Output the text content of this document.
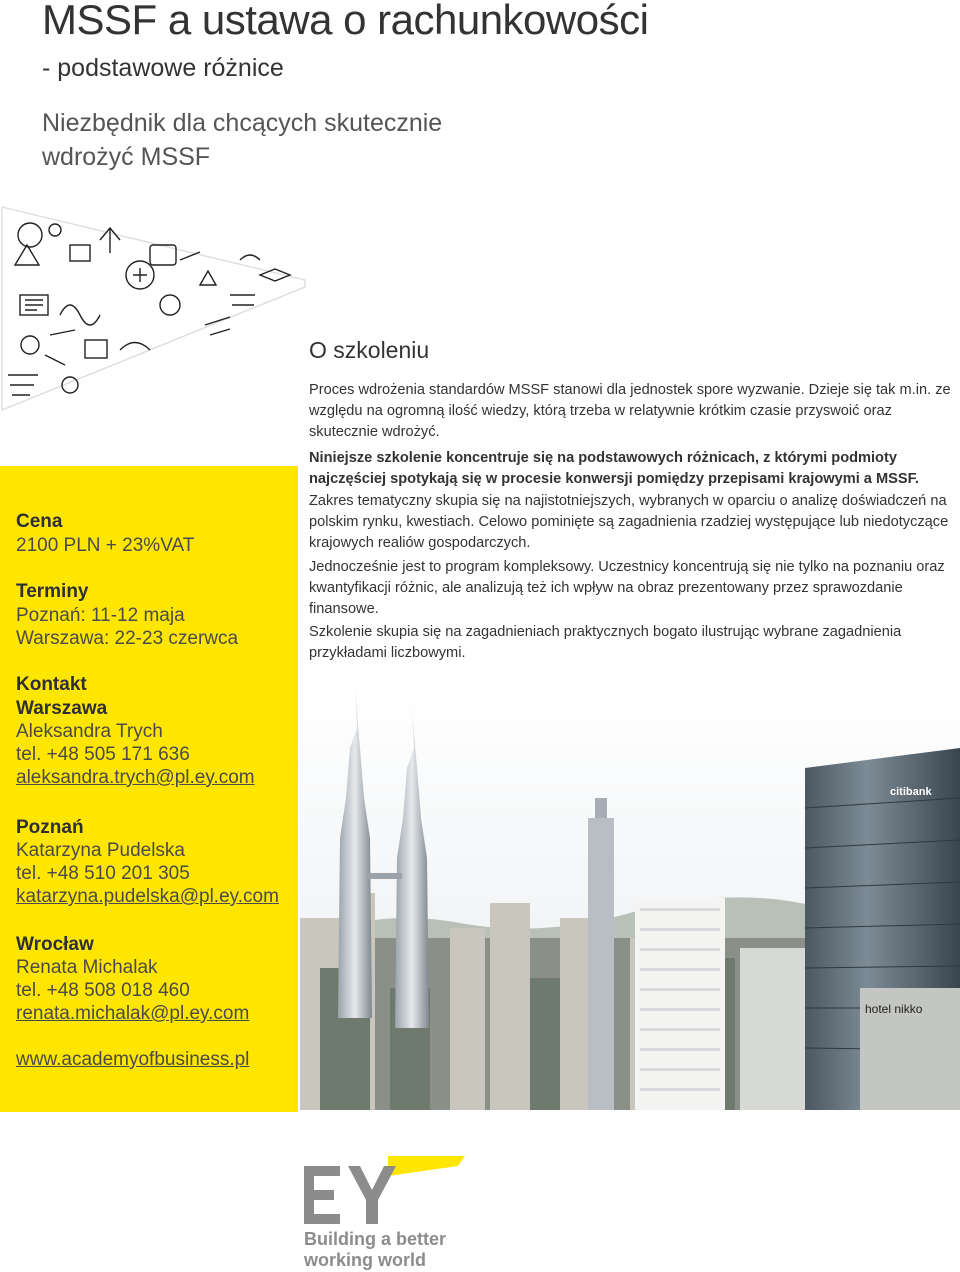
MSSF a ustawa o rachunkowości
- podstawowe różnice
Niezbędnik dla chcących skutecznie wdrożyć MSSF
Cena
2100 PLN + 23%VAT
Terminy
Poznań: 11-12 maja
Warszawa: 22-23 czerwca
Kontakt
Warszawa
Aleksandra Trych
tel. +48 505 171 636
aleksandra.trych@pl.ey.com
Poznań
Katarzyna Pudelska
tel. +48 510 201 305
katarzyna.pudelska@pl.ey.com
Wrocław
Renata Michalak
tel. +48 508 018 460
renata.michalak@pl.ey.com
www.academyofbusiness.pl
O szkoleniu
Proces wdrożenia standardów MSSF stanowi dla jednostek spore wyzwanie. Dzieje się tak m.in. ze względu na ogromną ilość wiedzy, którą trzeba w relatywnie krótkim czasie przyswoić oraz skutecznie wdrożyć.
Niniejsze szkolenie koncentruje się na podstawowych różnicach, z którymi podmioty najczęściej spotykają się w procesie konwersji pomiędzy przepisami krajowymi a MSSF.
Zakres tematyczny skupia się na najistotniejszych, wybranych w oparciu o analizę doświadczeń na polskim rynku, kwestiach. Celowo pominięte są zagadnienia rzadziej występujące lub niedotyczące krajowych realiów gospodarczych.
Jednocześnie jest to program kompleksowy. Uczestnicy koncentrują się nie tylko na poznaniu oraz kwantyfikacji różnic, ale analizują też ich wpływ na obraz prezentowany przez sprawozdanie finansowe.
Szkolenie skupia się na zagadnieniach praktycznych bogato ilustrując wybrane zagadnienia przykładami liczbowymi.
citibank
hotel nikko
Building a better
working world
